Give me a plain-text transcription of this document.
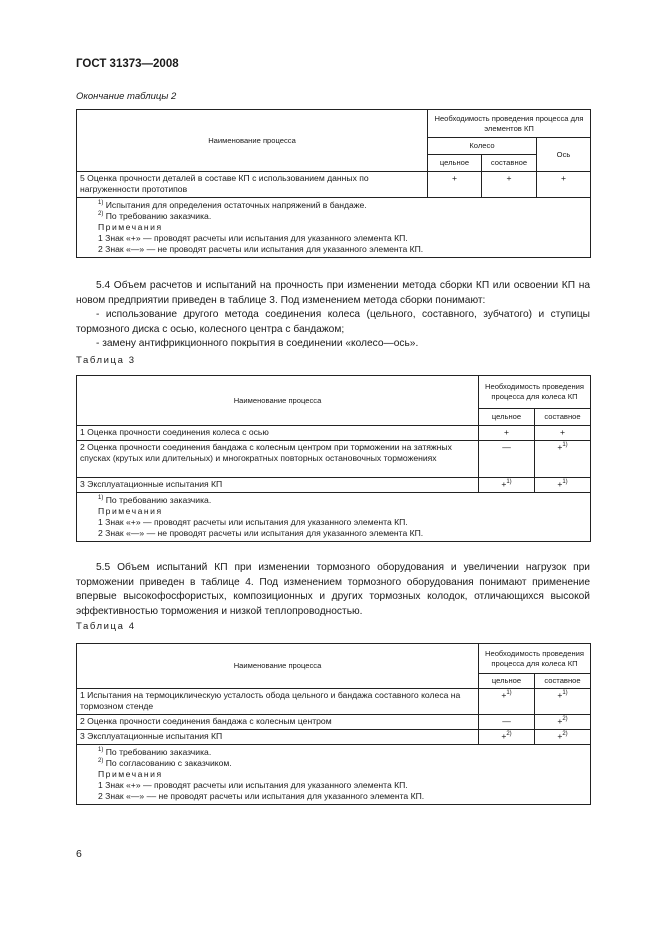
ГОСТ 31373—2008
Окончание таблицы 2
Наименование процесса	Необходимость проведения процесса для элементов КП		
	Колесо		Ось
	цельное	составное	
5 Оценка прочности деталей в составе КП с использованием данных по нагруженности прототипов	+	+	+

$^{1)}$ Испытания для определения остаточных напряжений в бандаже.
$^{2)}$ По требованию заказчика.
Примечания
1 Знак «+» — проводят расчеты или испытания для указанного элемента КП.
2 Знак «—» — не проводят расчеты или испытания для указанного элемента КП.			

5.4 Объем расчетов и испытаний на прочность при изменении метода сборки КП или освоении КП на новом предприятии приведен в таблице 3. Под изменением метода сборки понимают:

- использование другого метода соединения колеса (цельного, составного, зубчатого) и ступицы тормозного диска с осью, колесного центра с бандажом;

- замену антифрикционного покрытия в соединении «колесо—ось».

Таблица 3
Наименование процесса	Необходимость проведения процесса для колеса КП	
	цельное	составное
1 Оценка прочности соединения колеса с осью	+	+
2 Оценка прочности соединения бандажа с колесным центром при торможении на затяжных спусках (крутых или длительных) и многократных повторных остановочных торможениях	—	+$^{1)}$
3 Эксплуатационные испытания КП	+$^{1)}$	+$^{1)}$

$^{1)}$ По требованию заказчика.
Примечания
1 Знак «+» — проводят расчеты или испытания для указанного элемента КП.
2 Знак «—» — не проводят расчеты или испытания для указанного элемента КП.		

5.5 Объем испытаний КП при изменении тормозного оборудования и увеличении нагрузок при торможении приведен в таблице 4. Под изменением тормозного оборудования понимают применение впервые высокофосфористых, композиционных и других тормозных колодок, отличающихся высокой эффективностью торможения и низкой теплопроводностью.

Таблица 4
Наименование процесса	Необходимость проведения процесса для колеса КП	
	цельное	составное
1 Испытания на термоциклическую усталость обода цельного и бандажа составного колеса на тормозном стенде	+$^{1)}$	+$^{1)}$
2 Оценка прочности соединения бандажа с колесным центром	—	+$^{2)}$
3 Эксплуатационные испытания КП	+$^{2)}$	+$^{2)}$

$^{1)}$ По требованию заказчика.
$^{2)}$ По согласованию с заказчиком.
Примечания
1 Знак «+» — проводят расчеты или испытания для указанного элемента КП.
2 Знак «—» –– не проводят расчеты или испытания для указанного элемента КП.		
6
